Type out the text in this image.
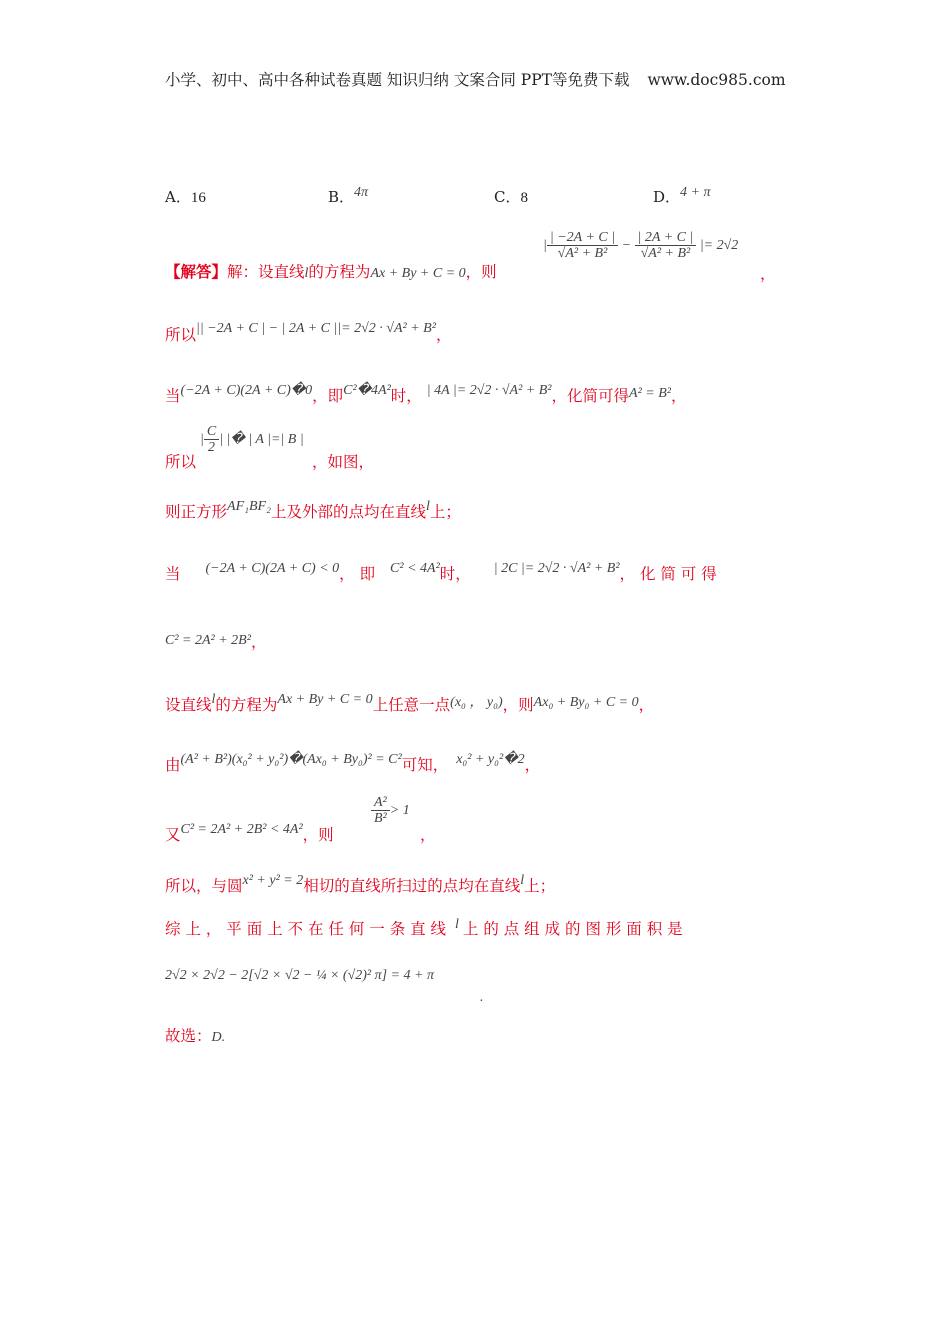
小学、初中、高中各种试卷真题 知识归纳 文案合同 PPT等免费下载 www.doc985.com
A．16	B．4π	C．8	D．4 + π
【解答】解：设直线l的方程为Ax + By + C = 0，则
| $\frac{| -2A + C |}{\text{√A² + B²}} - \frac{| 2A + C |}{\text{√A² + B²}}$ |= 2√2
，
所以|| −2A + C | − | 2A + C ||= 2√2 · √A² + B²，
当(−2A + C)(2A + C)�0，即C²�4A²时， | 4A |= 2√2 · √A² + B²，化简可得A² = B²，
所以
| $\frac{C}{2}$ | |� | A |=| B |
，如图，
则正方形AF₁BF₂上及外部的点均在直线l上；
当 (−2A + C)(2A + C) < 0， 即 C² < 4A²时， | 2C |= 2√2 · √A² + B²， 化 简 可 得
C² = 2A² + 2B²，
设直线l的方程为Ax + By + C = 0上任意一点(x₀ ， y₀)，则Ax₀ + By₀ + C = 0，
由(A² + B²)(x₀² + y₀²)�(Ax₀ + By₀)² = C²可知， x₀² + y₀²�2，
又C² = 2A² + 2B² < 4A²，则
$\frac{\text{A²}}{\text{B²}} > 1$
，
所以，与圆x² + y² = 2相切的直线所扫过的点均在直线l上；
综 上 ， 平 面 上 不 在 任 何 一 条 直 线 l 上 的 点 组 成 的 图 形 面 积 是
2√2 × 2√2 − 2[√2 × √2 − ¼ × (√2)² π] = 4 + π
.
故选：D.
